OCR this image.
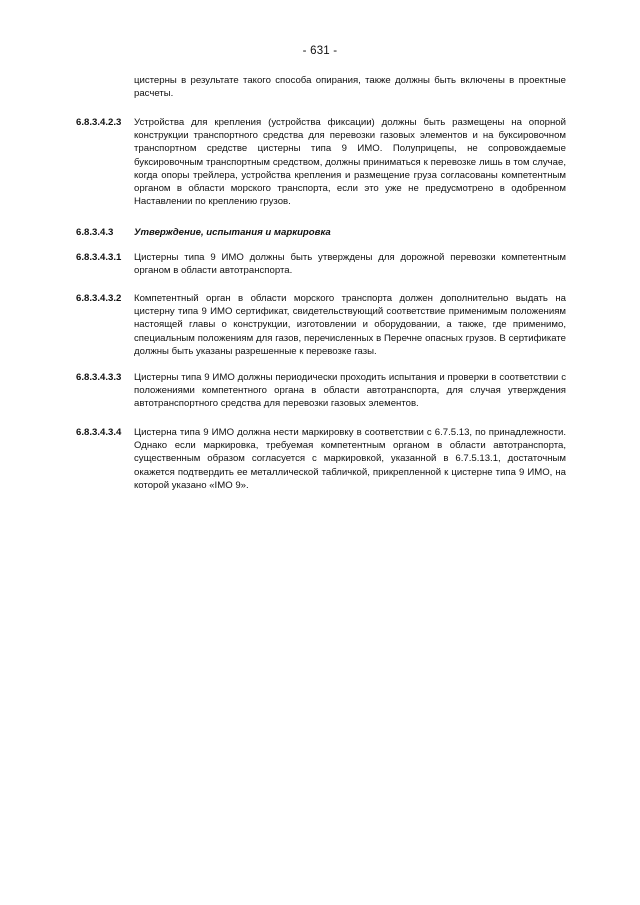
- 631 -
цистерны в результате такого способа опирания, также должны быть включены в проектные расчеты.
6.8.3.4.2.3	Устройства для крепления (устройства фиксации) должны быть размещены на опорной конструкции транспортного средства для перевозки газовых элементов и на буксировочном транспортном средстве цистерны типа 9 ИМО. Полуприцепы, не сопровождаемые буксировочным транспортным средством, должны приниматься к перевозке лишь в том случае, когда опоры трейлера, устройства крепления и размещение груза согласованы компетентным органом в области морского транспорта, если это уже не предусмотрено в одобренном Наставлении по креплению грузов.
6.8.3.4.3	Утверждение, испытания и маркировка
6.8.3.4.3.1	Цистерны типа 9 ИМО должны быть утверждены для дорожной перевозки компетентным органом в области автотранспорта.
6.8.3.4.3.2	Компетентный орган в области морского транспорта должен дополнительно выдать на цистерну типа 9 ИМО сертификат, свидетельствующий соответствие применимым положениям настоящей главы о конструкции, изготовлении и оборудовании, а также, где применимо, специальным положениям для газов, перечисленных в Перечне опасных грузов. В сертификате должны быть указаны разрешенные к перевозке газы.
6.8.3.4.3.3	Цистерны типа 9 ИМО должны периодически проходить испытания и проверки в соответствии с положениями компетентного органа в области автотранспорта, для случая утверждения автотранспортного средства для перевозки газовых элементов.
6.8.3.4.3.4	Цистерна типа 9 ИМО должна нести маркировку в соответствии с 6.7.5.13, по принадлежности. Однако если маркировка, требуемая компетентным органом в области автотранспорта, существенным образом согласуется с маркировкой, указанной в 6.7.5.13.1, достаточным окажется подтвердить ее металлической табличкой, прикрепленной к цистерне типа 9 ИМО, на которой указано «IMO 9».
